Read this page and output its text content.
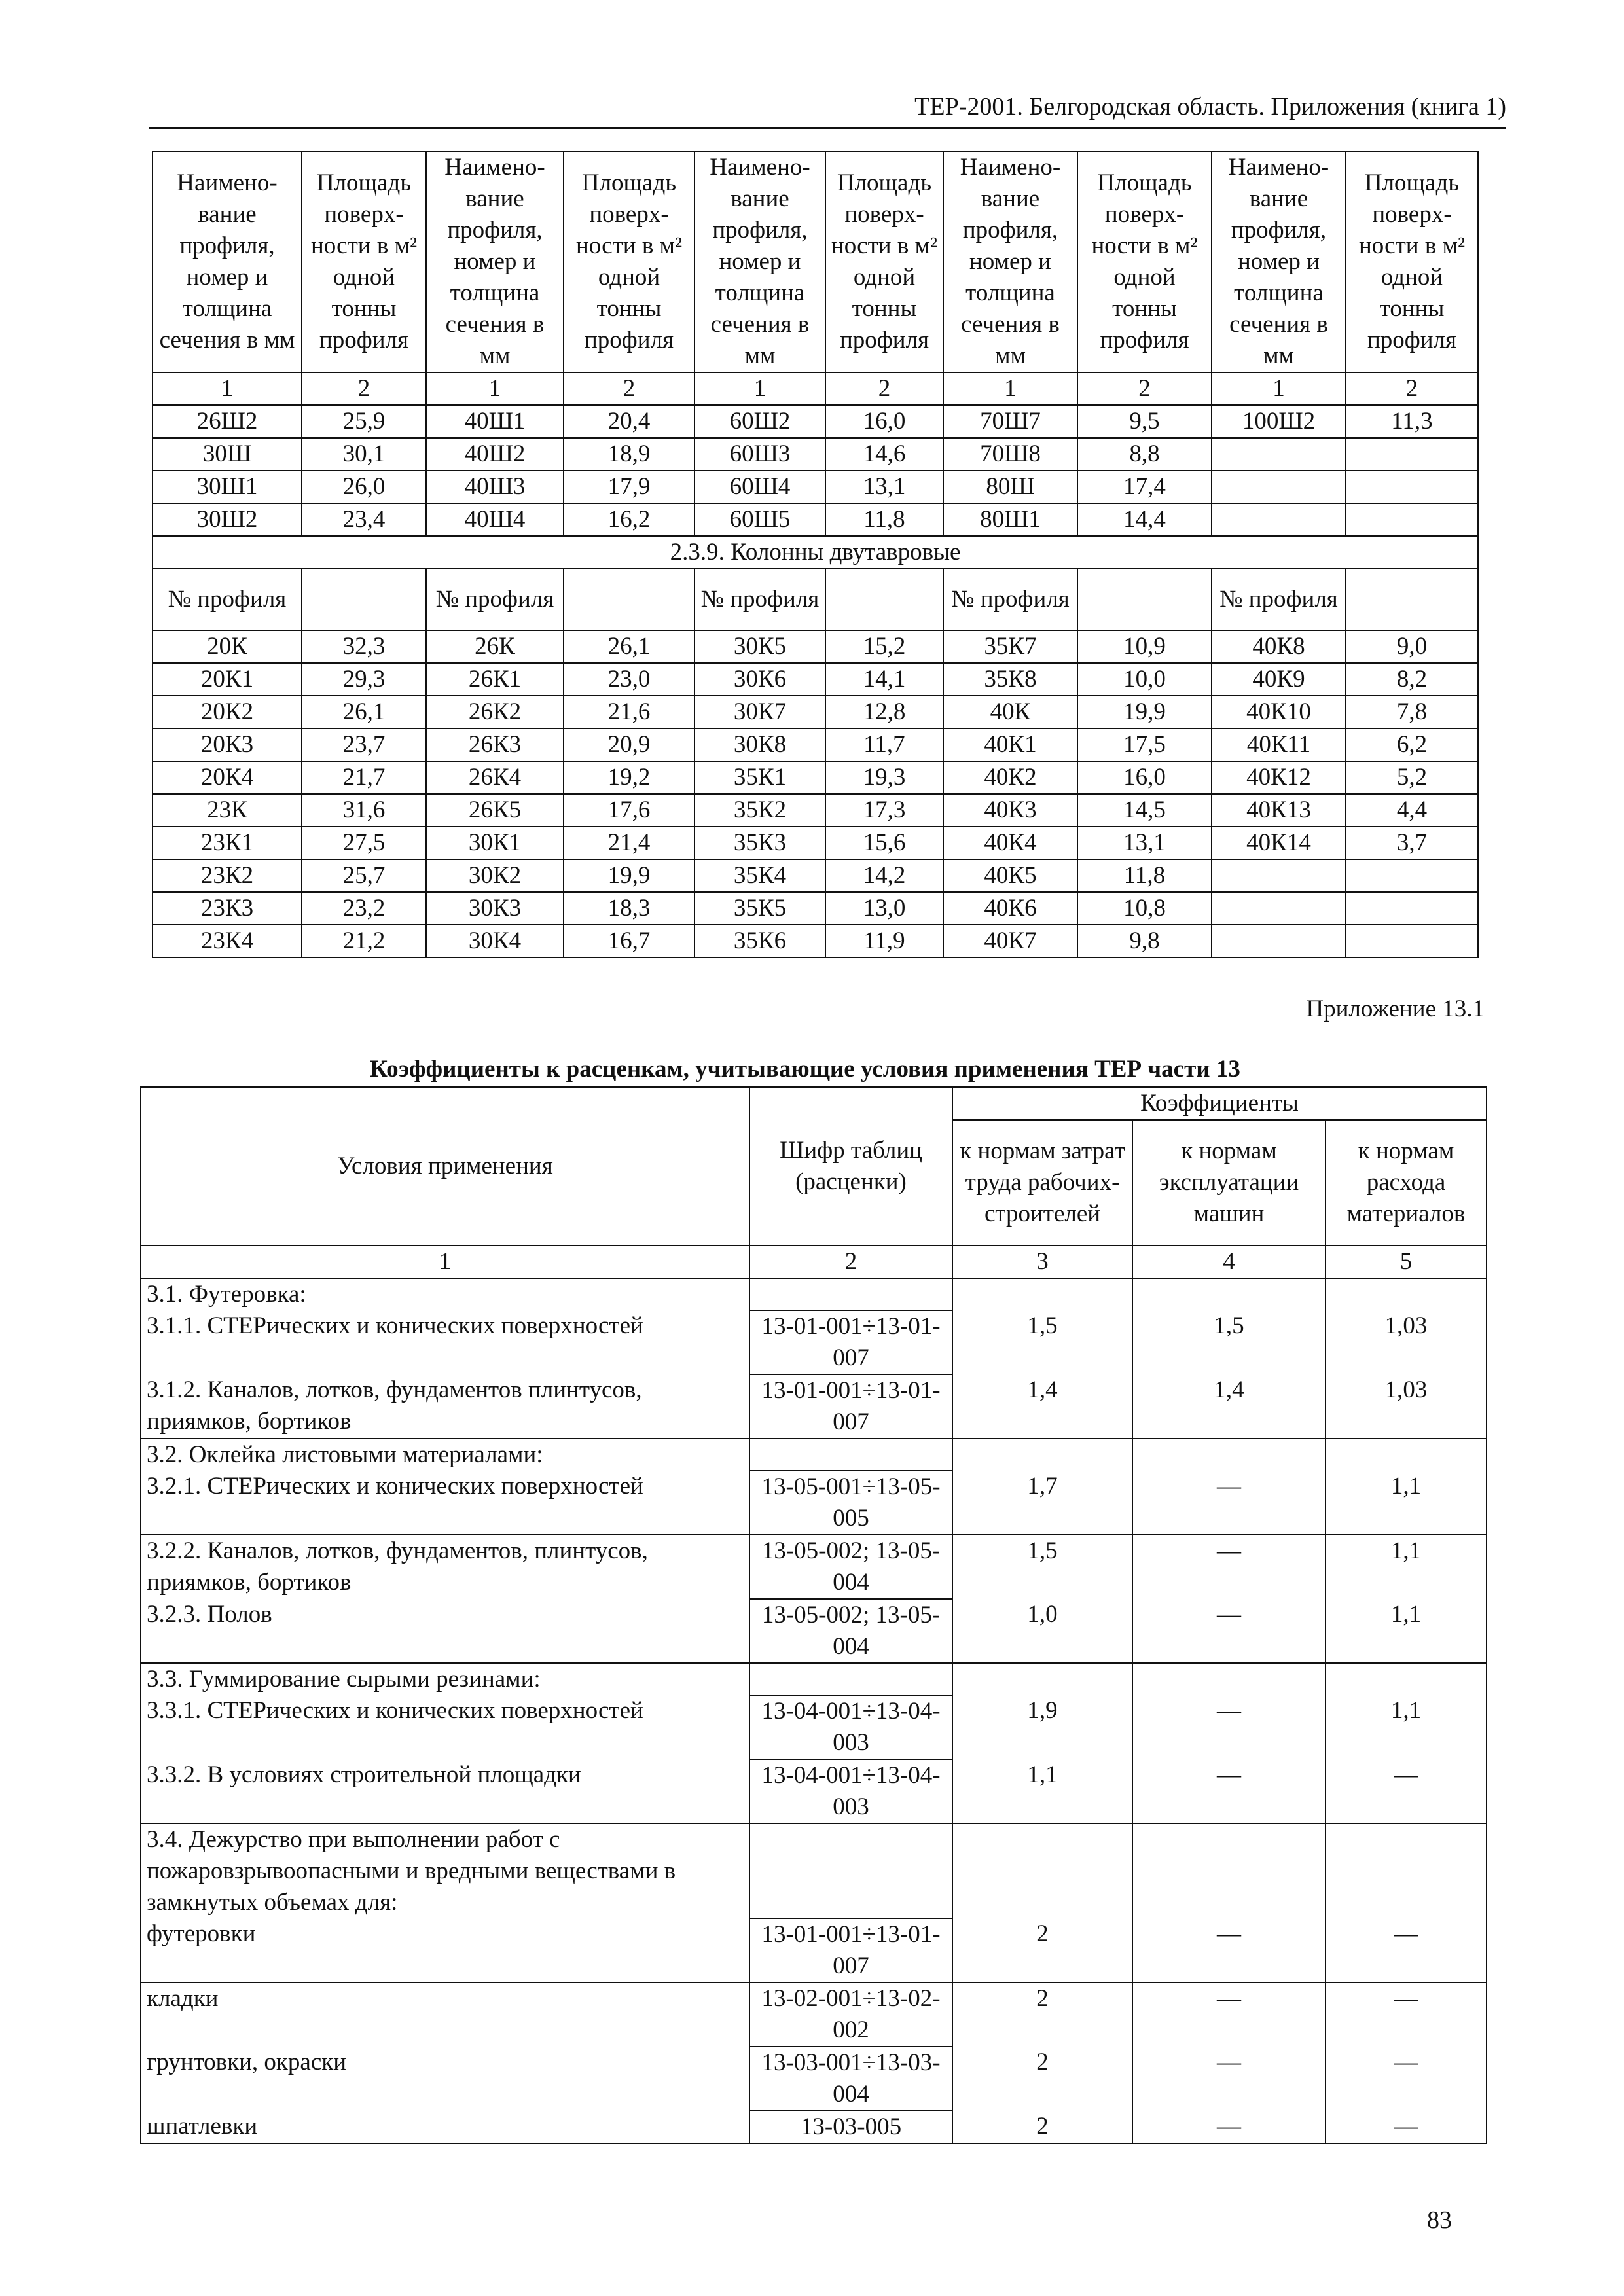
ТЕР-2001. Белгородская область. Приложения (книга 1)
Наимено-вание профиля, номер и толщина сечения в мм	Площадь поверх-ности в м² одной тонны профиля	Наимено-вание профиля, номер и толщина сечения в мм	Площадь поверх-ности в м² одной тонны профиля	Наимено-вание профиля, номер и толщина сечения в мм	Площадь поверх-ности в м² одной тонны профиля	Наимено-вание профиля, номер и толщина сечения в мм	Площадь поверх-ности в м² одной тонны профиля	Наимено-вание профиля, номер и толщина сечения в мм	Площадь поверх-ности в м² одной тонны профиля
1	2	1	2	1	2	1	2	1	2
26Ш2	25,9	40Ш1	20,4	60Ш2	16,0	70Ш7	9,5	100Ш2	11,3
30Ш	30,1	40Ш2	18,9	60Ш3	14,6	70Ш8	8,8		
30Ш1	26,0	40Ш3	17,9	60Ш4	13,1	80Ш	17,4		
30Ш2	23,4	40Ш4	16,2	60Ш5	11,8	80Ш1	14,4		
2.3.9. Колонны двутавровые									
№ профиля		№ профиля		№ профиля		№ профиля		№ профиля	
20К	32,3	26К	26,1	30К5	15,2	35К7	10,9	40К8	9,0
20К1	29,3	26К1	23,0	30К6	14,1	35К8	10,0	40К9	8,2
20К2	26,1	26К2	21,6	30К7	12,8	40К	19,9	40К10	7,8
20К3	23,7	26К3	20,9	30К8	11,7	40К1	17,5	40К11	6,2
20К4	21,7	26К4	19,2	35К1	19,3	40К2	16,0	40К12	5,2
23К	31,6	26К5	17,6	35К2	17,3	40К3	14,5	40К13	4,4
23К1	27,5	30К1	21,4	35К3	15,6	40К4	13,1	40К14	3,7
23К2	25,7	30К2	19,9	35К4	14,2	40К5	11,8		
23К3	23,2	30К3	18,3	35К5	13,0	40К6	10,8		
23К4	21,2	30К4	16,7	35К6	11,9	40К7	9,8		
Приложение 13.1
Коэффициенты к расценкам, учитывающие условия применения ТЕР части 13
Условия применения	Шифр таблиц (расценки)	Коэффициенты		
		к нормам затрат труда рабочих-строителей	к нормам эксплуатации машин	к нормам расхода материалов
1	2	3	4	5
3.1. Футеровка:				
3.1.1. СТЕРических и конических поверхностей	13-01-001÷13-01-007	1,5	1,5	1,03
3.1.2. Каналов, лотков, фундаментов плинтусов, приямков, бортиков	13-01-001÷13-01-007	1,4	1,4	1,03
3.2. Оклейка листовыми материалами:				
3.2.1. СТЕРических и конических поверхностей	13-05-001÷13-05-005	1,7	—	1,1
3.2.2. Каналов, лотков, фундаментов, плинтусов, приямков, бортиков	13-05-002; 13-05-004	1,5	—	1,1
3.2.3. Полов	13-05-002; 13-05-004	1,0	—	1,1
3.3. Гуммирование сырыми резинами:				
3.3.1. СТЕРических и конических поверхностей	13-04-001÷13-04-003	1,9	—	1,1
3.3.2. В условиях строительной площадки	13-04-001÷13-04-003	1,1	—	—
3.4. Дежурство при выполнении работ с пожаровзрывоопасными и вредными веществами в замкнутых объемах для:				
футеровки	13-01-001÷13-01-007	2	—	—
кладки	13-02-001÷13-02-002	2	—	—
грунтовки, окраски	13-03-001÷13-03-004	2	—	—
шпатлевки	13-03-005	2	—	—
83
